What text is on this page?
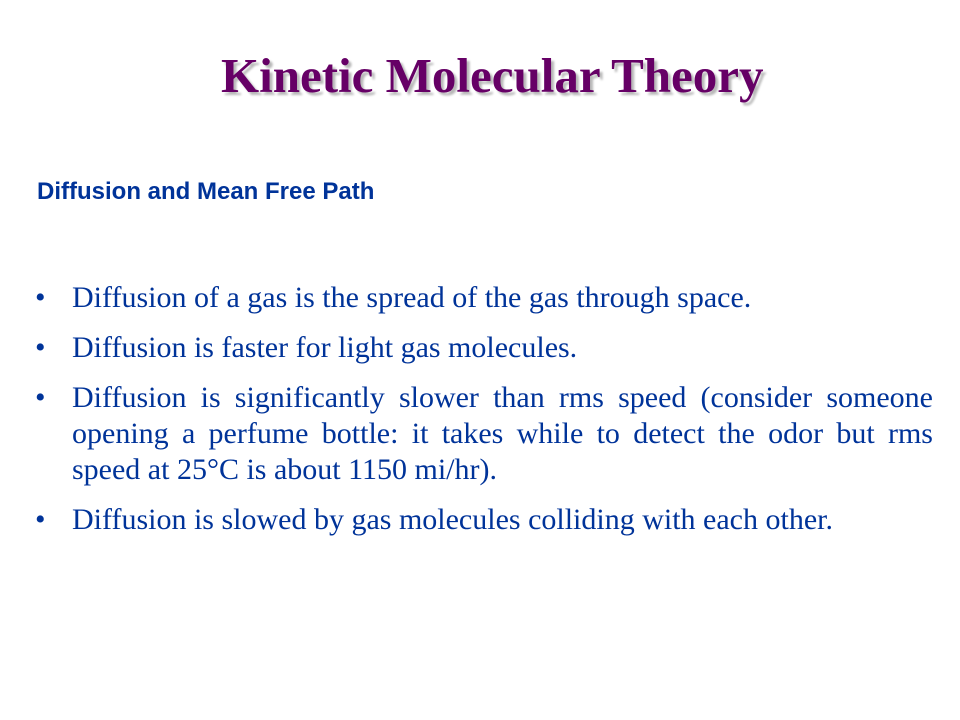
Kinetic Molecular Theory
Diffusion and Mean Free Path
• Diffusion of a gas is the spread of the gas through space.
• Diffusion is faster for light gas molecules.
• Diffusion is significantly slower than rms speed (consider someone opening a perfume bottle: it takes while to detect the odor but rms speed at 25°C is about 1150 mi/hr).
• Diffusion is slowed by gas molecules colliding with each other.
